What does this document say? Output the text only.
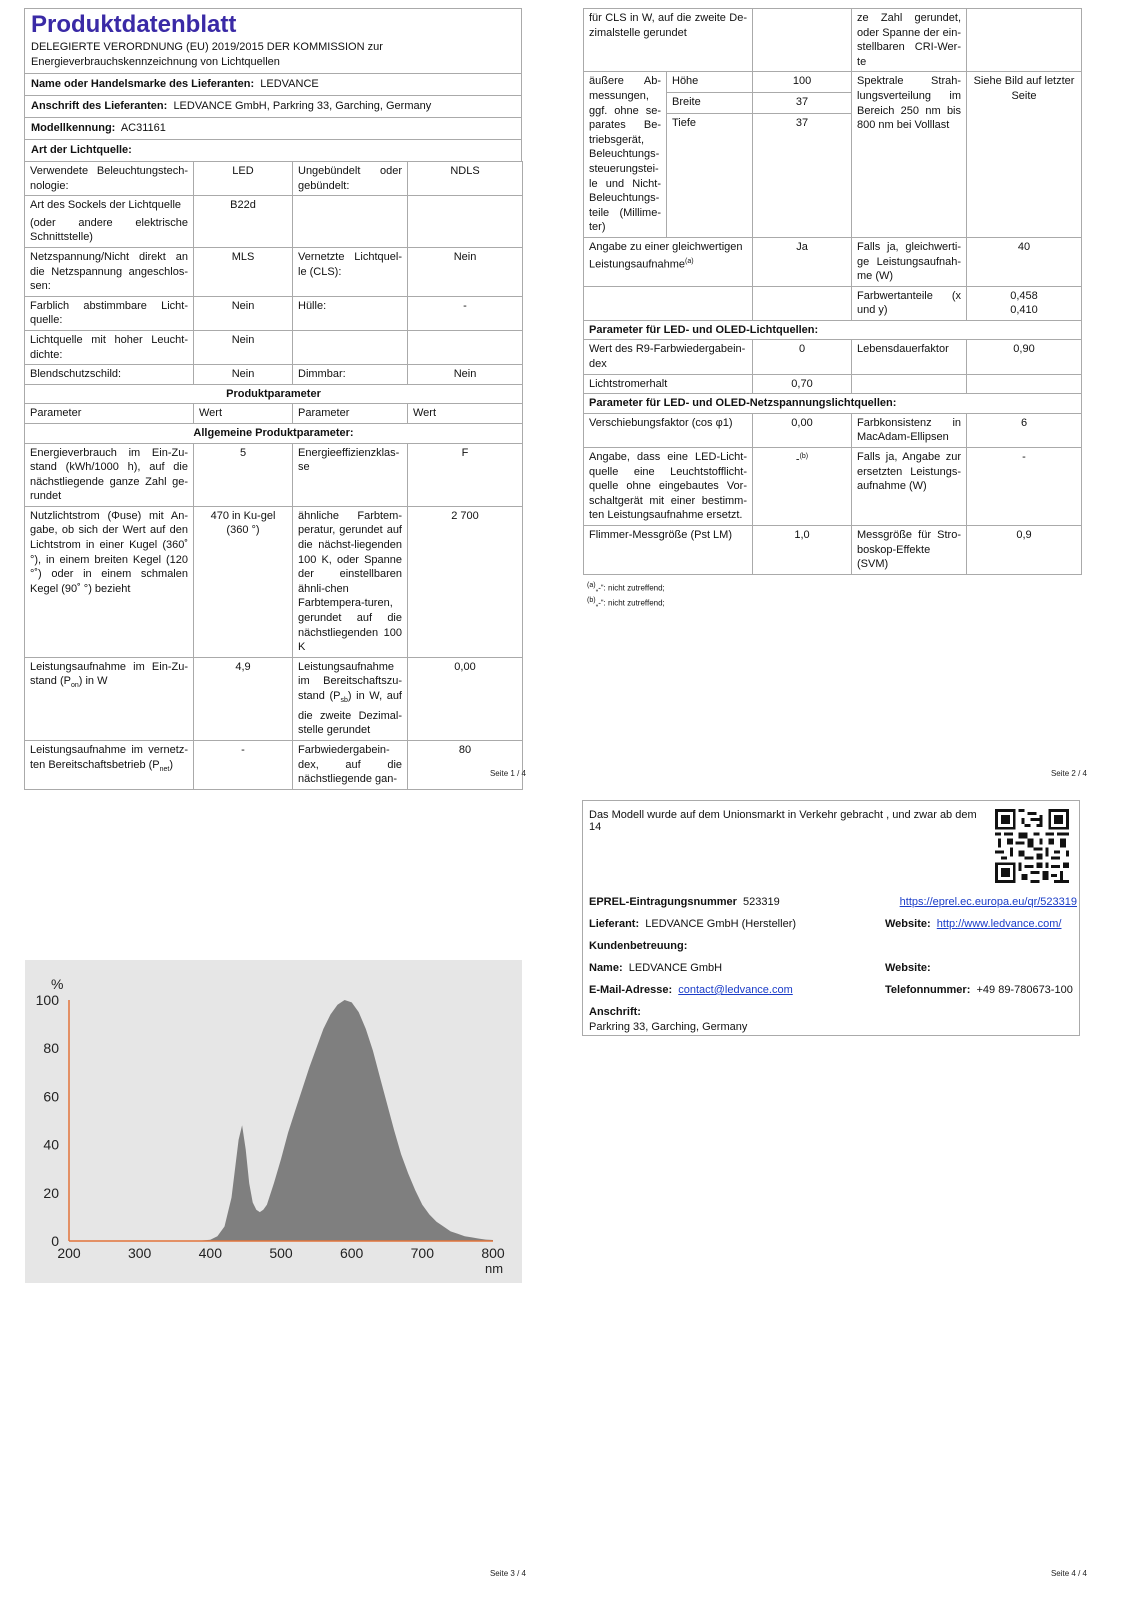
Produktdatenblatt
DELEGIERTE VERORDNUNG (EU) 2019/2015 DER KOMMISSION zur Energieverbrauchskennzeichnung von Lichtquellen
Name oder Handelsmarke des Lieferanten: LEDVANCE
Anschrift des Lieferanten: LEDVANCE GmbH, Parkring 33, Garching, Germany
Modellkennung: AC31161
Art der Lichtquelle:
Verwendete Beleuchtungstech-nologie:	LED	Ungebündelt oder gebündelt:	NDLS

Art des Sockels der Lichtquelle
(oder andere elektrische Schnittstelle)	B22d		
Netzspannung/Nicht direkt an die Netzspannung angeschlos-sen:	MLS	Vernetzte Lichtquel-le (CLS):	Nein
Farblich abstimmbare Licht-quelle:	Nein	Hülle:	-
Lichtquelle mit hoher Leucht-dichte:	Nein		
Blendschutzschild:	Nein	Dimmbar:	Nein
Produktparameter			
Parameter	Wert	Parameter	Wert
Allgemeine Produktparameter:			
Energieverbrauch im Ein-Zu-stand (kWh/1000 h), auf die nächstliegende ganze Zahl ge-rundet	5	Energieeffizienzklas-se	F
Nutzlichtstrom (Φuse) mit An-gabe, ob sich der Wert auf den Lichtstrom in einer Kugel (360˚ °), in einem breiten Kegel (120 °˚) oder in einem schmalen Kegel (90˚ °) bezieht	470 in Ku-gel (360 °)	ähnliche Farbtem-peratur, gerundet auf die nächst-liegenden 100 K, oder Spanne der einstellbaren ähnli-chen Farbtempera-turen, gerundet auf die nächstliegenden 100 K	2 700
Leistungsaufnahme im Ein-Zu-stand $(P_{on})$ in W	4,9	Leistungsaufnahme im Bereitschaftszu-stand $(P_{sb})$ in W, auf die zweite Dezimal-stelle gerundet	0,00
Leistungsaufnahme im vernetz-ten Bereitschaftsbetrieb $(P_{net})$	-	Farbwiedergabein-dex, auf die nächstliegende gan-	80
Seite 1 / 4
für CLS in W, auf die zweite De-zimalstelle gerundet			ze Zahl gerundet, oder Spanne der ein-stellbaren CRI-Wer-te	
äußere Ab-messungen, ggf. ohne se-parates Be-triebsgerät, Beleuchtungs-steuerungstei-le und Nicht-Beleuchtungs-teile (Millime-ter)	Höhe	100	Spektrale Strah-lungsverteilung im Bereich 250 nm bis 800 nm bei Volllast	Siehe Bild auf letzter Seite
	Breite	37		
	Tiefe	37		

Angabe zu einer gleichwertigen Leistungsaufnahme$^{(a)}$		Ja	Falls ja, gleichwerti-ge Leistungsaufnah-me (W)	40
			Farbwertanteile (x und y)	0,458
0,410

Parameter für LED- und OLED-Lichtquellen:				
Wert des R9-Farbwiedergabein-dex		0	Lebensdauerfaktor	0,90
Lichtstromerhalt		0,70		
Parameter für LED- und OLED-Netzspannungslichtquellen:				
Verschiebungsfaktor (cos φ1)		0,00	Farbkonsistenz in MacAdam-Ellipsen	6
Angabe, dass eine LED-Licht-quelle eine Leuchtstofflicht-quelle ohne eingebautes Vor-schaltgerät mit einer bestimm-ten Leistungsaufnahme ersetzt.		-$^{(b)}$	Falls ja, Angabe zur ersetzten Leistungs-aufnahme (W)	-
Flimmer-Messgröße (Pst LM)		1,0	Messgröße für Stro-boskop-Effekte (SVM)	0,9
$^{(a)}$„-“: nicht zutreffend;
$^{(b)}$„-“: nicht zutreffend;
Seite 2 / 4
0
20
40
60
80
100
200	300	400	500	600	700	800
%
nm
Seite 3 / 4
Das Modell wurde auf dem Unionsmarkt in Verkehr gebracht , und zwar ab dem 14
EPREL-Eintragungsnummer 523319	https://eprel.ec.europa.eu/qr/523319
Lieferant: LEDVANCE GmbH (Hersteller)	Website: http://www.ledvance.com/
Kundenbetreuung:	
Name: LEDVANCE GmbH	Website:
E-Mail-Adresse: contact@ledvance.com	Telefonnummer: +49 89-780673-100
Anschrift:
Parkring 33, Garching, Germany	

Seite 4 / 4
